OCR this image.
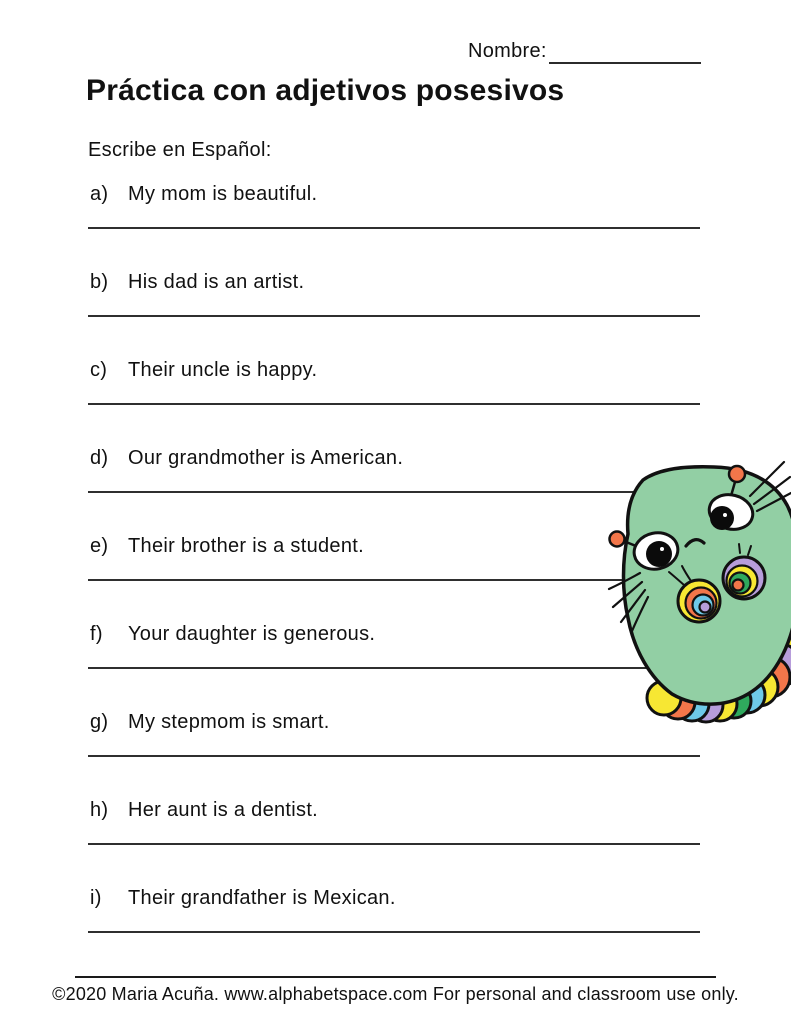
Nombre:
Práctica con adjetivos posesivos
Escribe en Español:
a) My mom is beautiful.
b) His dad is an artist.
c) Their uncle is happy.
d) Our grandmother is American.
e) Their brother is a student.
f) Your daughter is generous.
g) My stepmom is smart.
h) Her aunt is a dentist.
i) Their grandfather is Mexican.
©2020 Maria Acuña. www.alphabetspace.com For personal and classroom use only.
